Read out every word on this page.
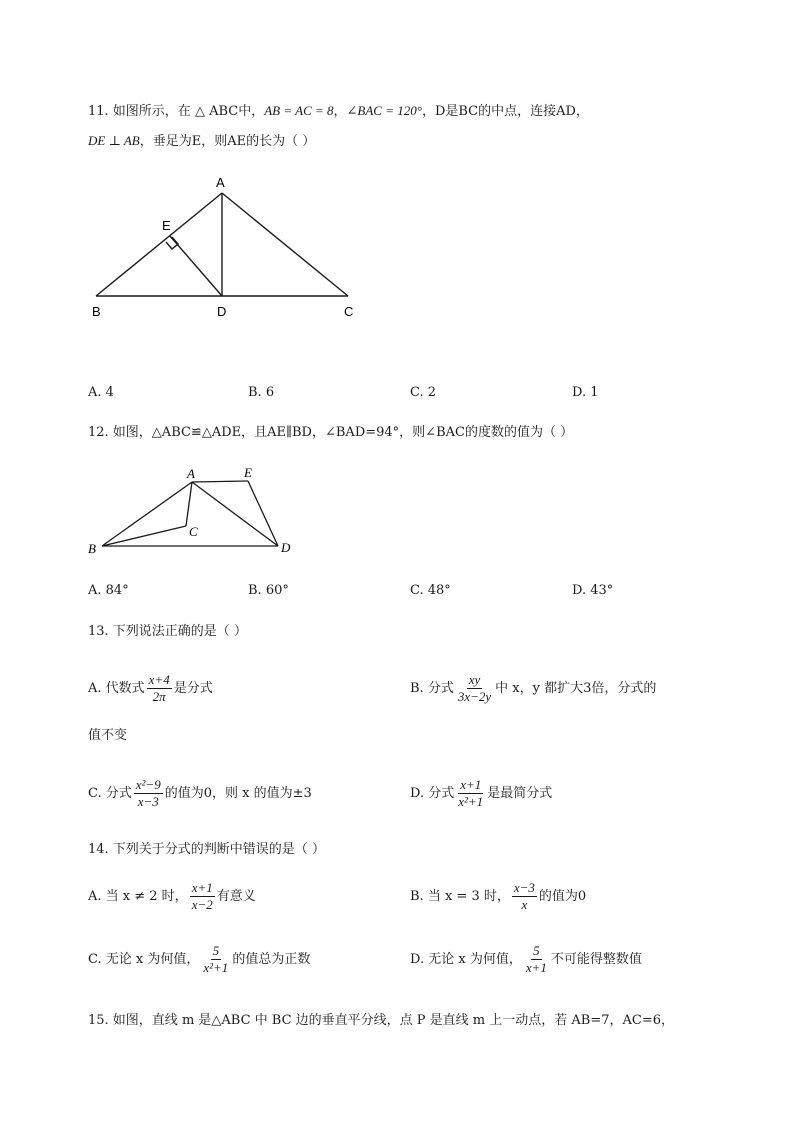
11. 如图所示，在 △ ABC中，AB = AC = 8，∠BAC = 120°，D是BC的中点，连接AD，
DE ⊥ AB，垂足为E，则AE的长为（ ）
A
B	C
D
E
A. 4	B. 6	C. 2	D. 1
12. 如图，△ABC≌△ADE，且AE∥BD，∠BAD=94°，则∠BAC的度数的值为（ ）
A
B
C
D
E
A. 84°	B. 60°	C. 48°	D. 43°
13. 下列说法正确的是（ ）
A. 代数式 $\frac{x+4}{2\pi}$ 是分式	B. 分式 $\frac{xy}{3x-2y}$ 中 x，y 都扩大3倍，分式的
值不变
C. 分式 $\frac{\text{x²−9}}{x-3}$ 的值为0，则 x 的值为±3	D. 分式 $\frac{x+1}{\text{x²+1}}$ 是最简分式
14. 下列关于分式的判断中错误的是（ ）
A. 当 x ≠ 2 时， $\frac{x+1}{x-2}$ 有意义	B. 当 x = 3 时， $\frac{x-3}{x}$ 的值为0
C. 无论 x 为何值， $\frac{5}{\text{x²+1}}$ 的值总为正数	D. 无论 x 为何值， $\frac{5}{x+1}$ 不可能得整数值
15. 如图，直线 m 是△ABC 中 BC 边的垂直平分线，点 P 是直线 m 上一动点，若 AB=7，AC=6，
